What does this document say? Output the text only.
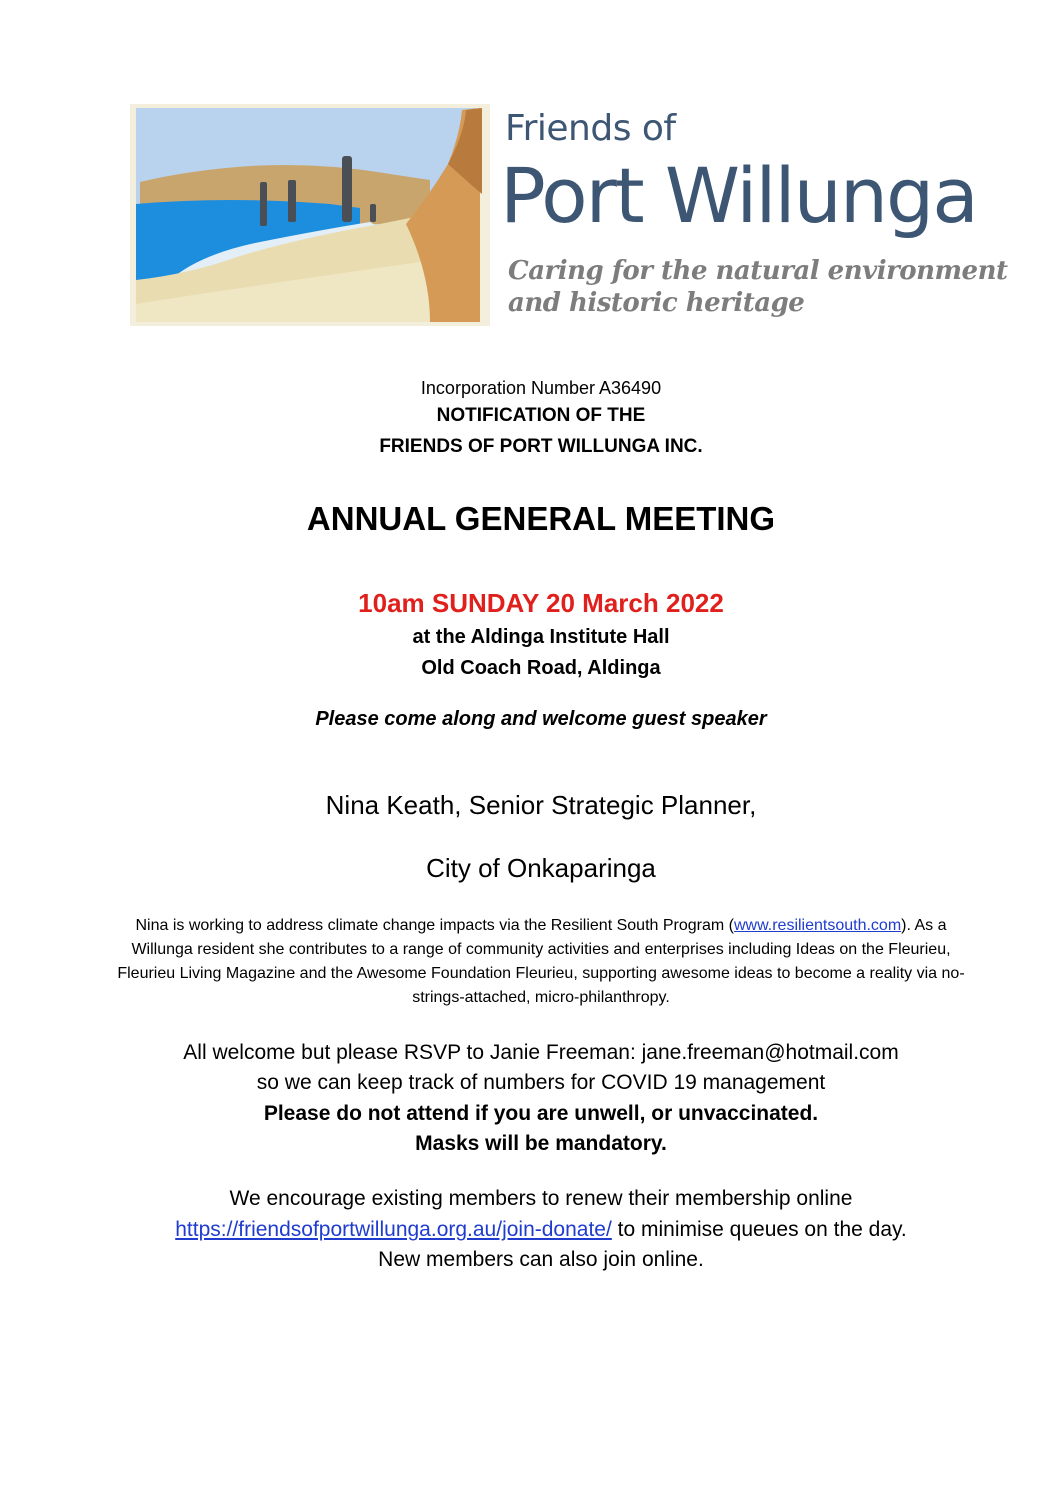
Friends of
Port Willunga
Caring for the natural environment
and historic heritage
Incorporation Number A36490
NOTIFICATION OF THE
FRIENDS OF PORT WILLUNGA INC.
ANNUAL GENERAL MEETING
10am SUNDAY 20 March 2022
at the Aldinga Institute Hall
Old Coach Road, Aldinga
Please come along and welcome guest speaker
Nina Keath, Senior Strategic Planner,
City of Onkaparinga
Nina is working to address climate change impacts via the Resilient South Program (www.resilientsouth.com). As a Willunga resident she contributes to a range of community activities and enterprises including Ideas on the Fleurieu, Fleurieu Living Magazine and the Awesome Foundation Fleurieu, supporting awesome ideas to become a reality via no-strings-attached, micro-philanthropy.
All welcome but please RSVP to Janie Freeman: jane.freeman@hotmail.com
so we can keep track of numbers for COVID 19 management
Please do not attend if you are unwell, or unvaccinated.
Masks will be mandatory.
We encourage existing members to renew their membership online
https://friendsofportwillunga.org.au/join-donate/ to minimise queues on the day.
New members can also join online.
